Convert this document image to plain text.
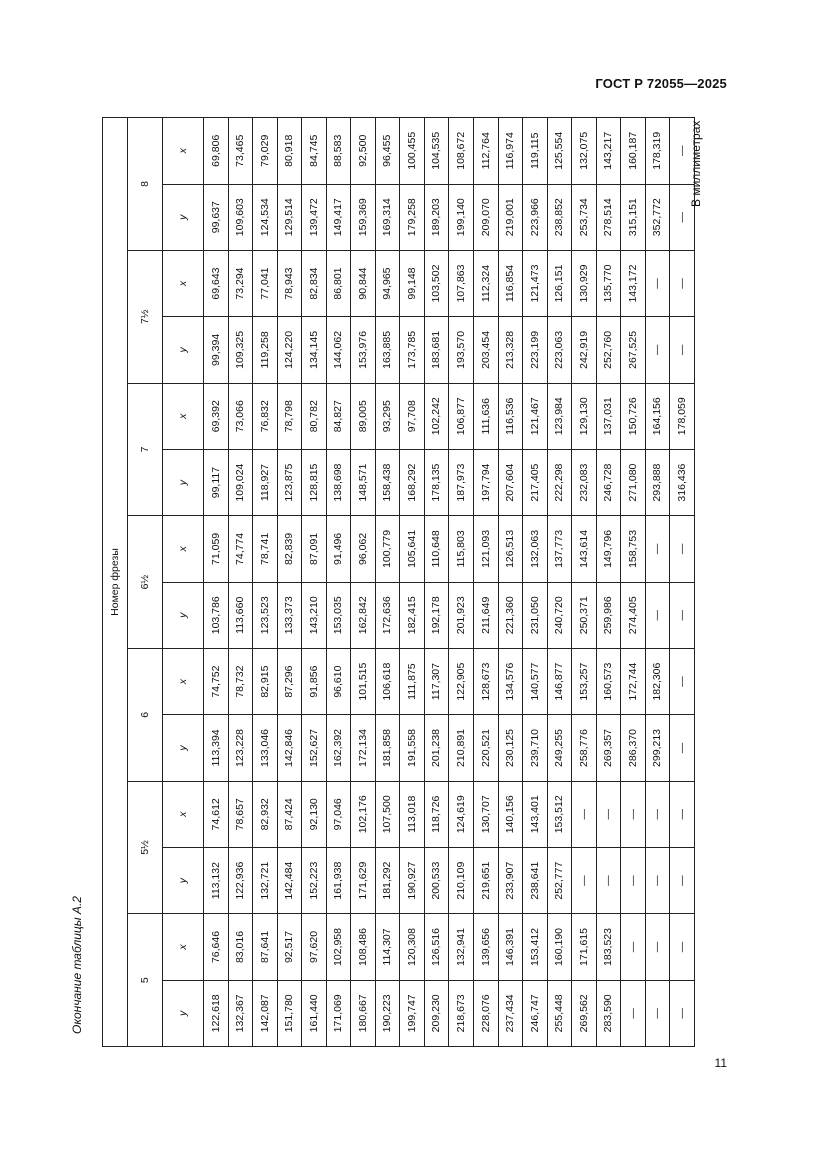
ГОСТ Р 72055—2025
Окончание таблицы А.2
В миллиметрах
Номер фрезы													
5		5½		6		6½		7		7½		8	
y	x	y	x	y	x	y	x	y	x	y	x	y	x
122,618	76,646	113,132	74,612	113,394	74,752	103,786	71,059	99,117	69,392	99,394	69,643	99,637	69,806
132,367	83,016	122,936	78,657	123,228	78,732	113,660	74,774	109,024	73,066	109,325	73,294	109,603	73,465
142,087	87,641	132,721	82,932	133,046	82,915	123,523	78,741	118,927	76,832	119,258	77,041	124,534	79,029
151,780	92,517	142,484	87,424	142,846	87,296	133,373	82,839	123,875	78,798	124,220	78,943	129,514	80,918
161,440	97,620	152,223	92,130	152,627	91,856	143,210	87,091	128,815	80,782	134,145	82,834	139,472	84,745
171,069	102,958	161,938	97,046	162,392	96,610	153,035	91,496	138,698	84,827	144,062	86,801	149,417	88,583
180,667	108,486	171,629	102,176	172,134	101,515	162,842	96,062	148,571	89,005	153,976	90,844	159,369	92,500
190,223	114,307	181,292	107,500	181,858	106,618	172,636	100,779	158,438	93,295	163,885	94,965	169,314	96,455
199,747	120,308	190,927	113,018	191,558	111,875	182,415	105,641	168,292	97,708	173,785	99,148	179,258	100,455
209,230	126,516	200,533	118,726	201,238	117,307	192,178	110,648	178,135	102,242	183,681	103,502	189,203	104,535
218,673	132,941	210,109	124,619	210,891	122,905	201,923	115,803	187,973	106,877	193,570	107,863	199,140	108,672
228,076	139,656	219,651	130,707	220,521	128,673	211,649	121,093	197,794	111,636	203,454	112,324	209,070	112,764
237,434	146,391	233,907	140,156	230,125	134,576	221,360	126,513	207,604	116,536	213,328	116,854	219,001	116,974
246,747	153,412	238,641	143,401	239,710	140,577	231,050	132,063	217,405	121,467	223,199	121,473	223,966	119,115
255,448	160,190	252,777	153,512	249,255	146,877	240,720	137,773	222,298	123,984	223,063	126,151	238,852	125,554
269,562	171,615	—	—	258,776	153,257	250,371	143,614	232,083	129,130	242,919	130,929	253,734	132,075
283,590	183,523	—	—	269,357	160,573	259,986	149,796	246,728	137,031	252,760	135,770	278,514	143,217
—	—	—	—	286,370	172,744	274,405	158,753	271,080	150,726	267,525	143,172	315,151	160,187
—	—	—	—	299,213	182,306	—	—	293,888	164,156	—	—	352,772	178,319
—	—	—	—	—	—	—	—	316,436	178,059	—	—	—	—
11
